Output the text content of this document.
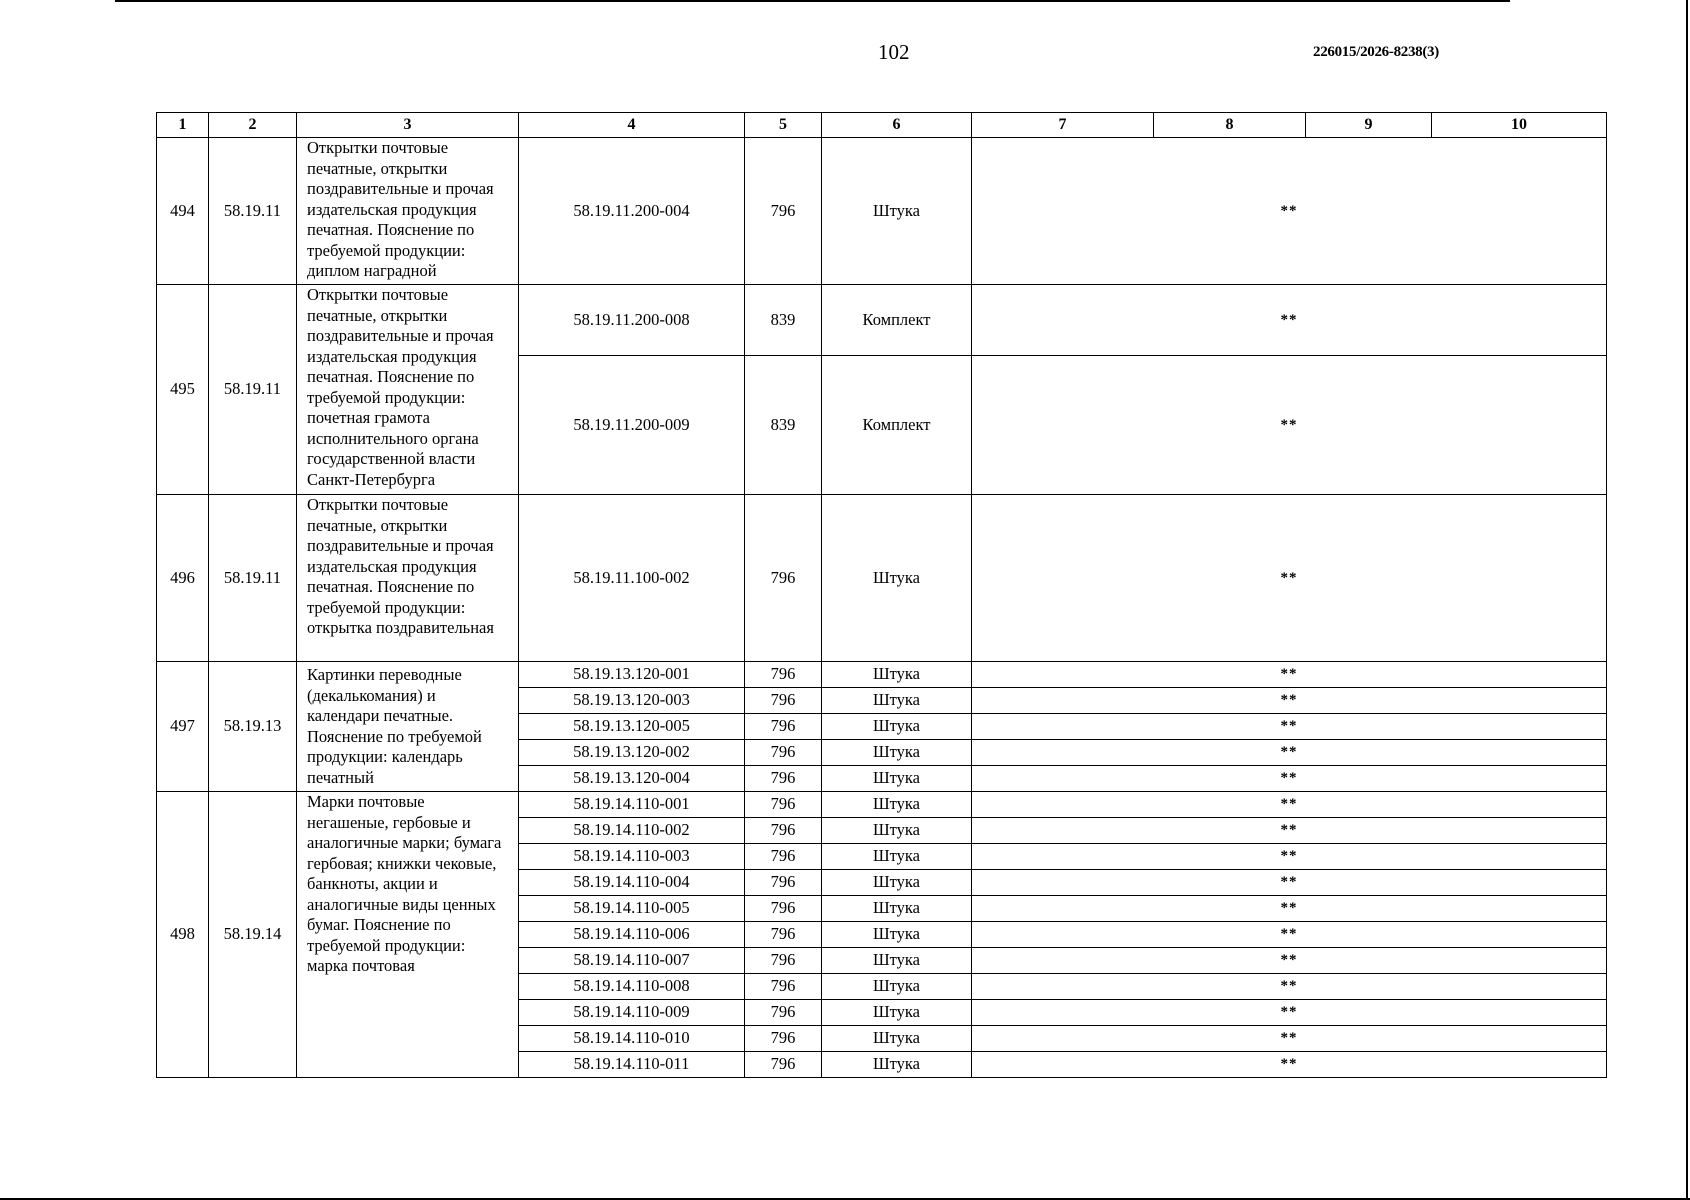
102	226015/2026-8238(3)
1	2	3	4	5	6	7	8	9	10
494	58.19.11	Открытки почтовые печатные, открытки поздравительные и прочая издательская продукция печатная. Пояснение по требуемой продукции: диплом наградной	58.19.11.200-004	796	Штука	**			
495	58.19.11	Открытки почтовые печатные, открытки поздравительные и прочая издательская продукция печатная. Пояснение по требуемой продукции: почетная грамота исполнительного органа государственной власти Санкт-Петербурга	58.19.11.200-008	839	Комплект	**			
			58.19.11.200-009	839	Комплект	**			
496	58.19.11	Открытки почтовые печатные, открытки поздравительные и прочая издательская продукция печатная. Пояснение по требуемой продукции: открытка поздравительная	58.19.11.100-002	796	Штука	**			
497	58.19.13	Картинки переводные (декалькомания) и календари печатные. Пояснение по требуемой продукции: календарь печатный	58.19.13.120-001	796	Штука	**			
			58.19.13.120-003	796	Штука	**			
			58.19.13.120-005	796	Штука	**			
			58.19.13.120-002	796	Штука	**			
			58.19.13.120-004	796	Штука	**			
498	58.19.14	Марки почтовые негашеные, гербовые и аналогичные марки; бумага гербовая; книжки чековые, банкноты, акции и аналогичные виды ценных бумаг. Пояснение по требуемой продукции: марка почтовая	58.19.14.110-001	796	Штука	**			
			58.19.14.110-002	796	Штука	**			
			58.19.14.110-003	796	Штука	**			
			58.19.14.110-004	796	Штука	**			
			58.19.14.110-005	796	Штука	**			
			58.19.14.110-006	796	Штука	**			
			58.19.14.110-007	796	Штука	**			
			58.19.14.110-008	796	Штука	**			
			58.19.14.110-009	796	Штука	**			
			58.19.14.110-010	796	Штука	**			
			58.19.14.110-011	796	Штука	**			
